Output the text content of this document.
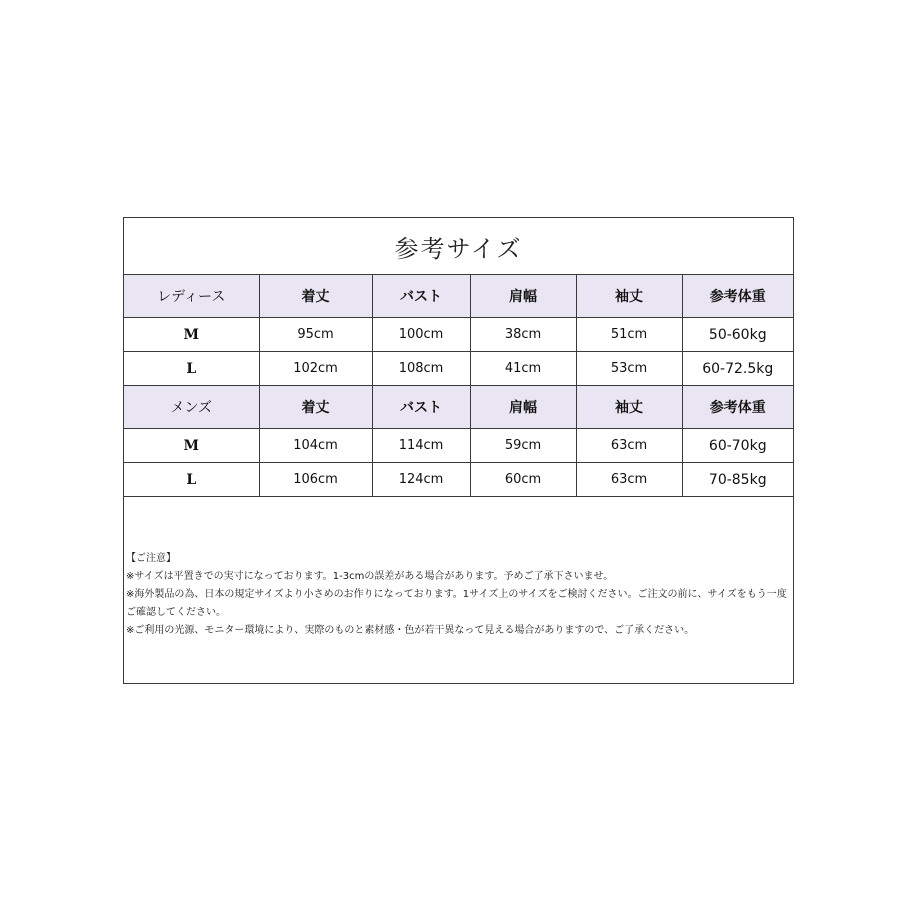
参考サイズ
レディース	着丈	バスト	肩幅	袖丈	参考体重
M	95cm	100cm	38cm	51cm	50-60kg
L	102cm	108cm	41cm	53cm	60-72.5kg
メンズ	着丈	バスト	肩幅	袖丈	参考体重
M	104cm	114cm	59cm	63cm	60-70kg
L	106cm	124cm	60cm	63cm	70-85kg
【ご注意】
※サイズは平置きでの実寸になっております。1-3cmの誤差がある場合があります。予めご了承下さいませ。
※海外製品の為、日本の規定サイズより小さめのお作りになっております。1サイズ上のサイズをご検討ください。ご注文の前に、サイズをもう一度ご確認してください。
※ご利用の光源、モニター環境により、実際のものと素材感・色が若干異なって見える場合がありますので、ご了承ください。
